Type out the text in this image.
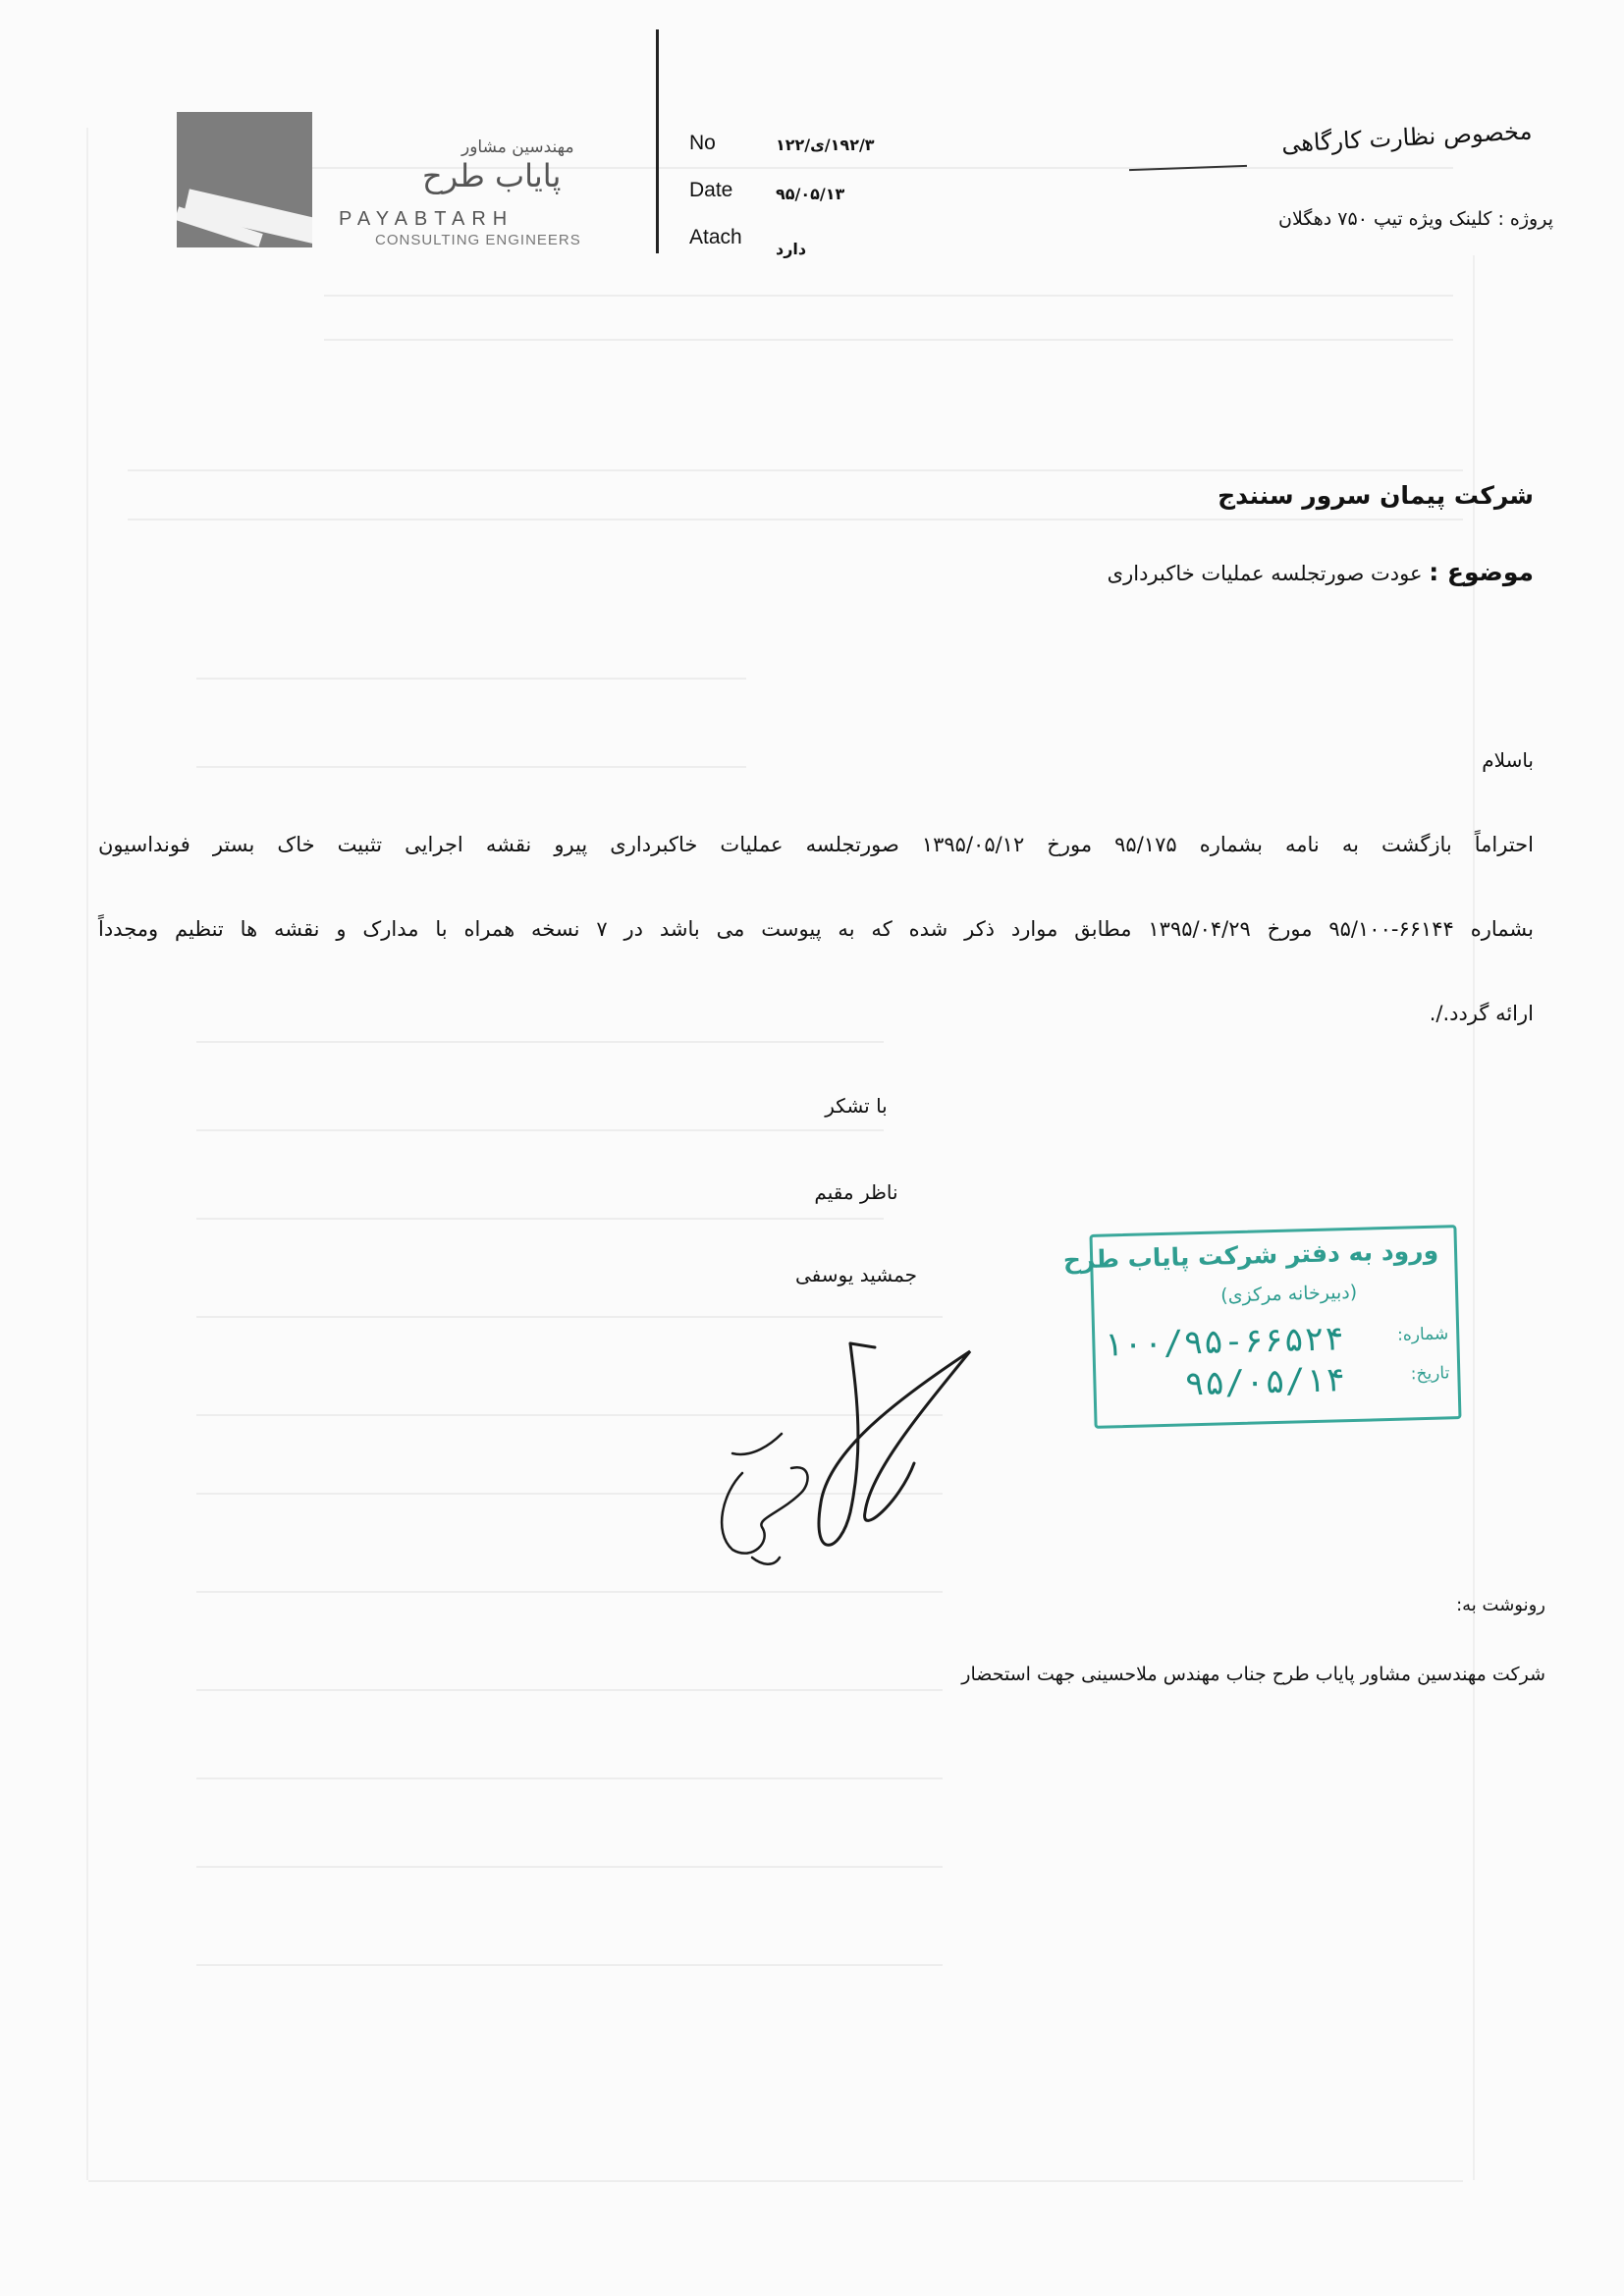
مهندسین مشاور
پایاب طرح
PAYABTARH
CONSULTING ENGINEERS
No	۱۹۲/۳/ی/۱۲۲
Date	۹۵/۰۵/۱۳
Atach
دارد
مخصوص نظارت کارگاهی
پروژه : کلینک ویژه تیپ ۷۵۰ دهگلان
شرکت پیمان سرور سنندج
موضوع : عودت صورتجلسه عملیات خاکبرداری
باسلام
احتراماً بازگشت به نامه بشماره ۹۵/۱۷۵ مورخ ۱۳۹۵/۰۵/۱۲ صورتجلسه عملیات خاکبرداری پیرو نقشه اجرایی تثبیت خاک بستر فونداسیون
بشماره ۶۶۱۴۴-۹۵/۱۰۰ مورخ ۱۳۹۵/۰۴/۲۹ مطابق موارد ذکر شده که به پیوست می باشد در ۷ نسخه همراه با مدارک و نقشه ها تنظیم ومجدداً
ارائه گردد./.
با تشکر
ناظر مقیم
جمشید یوسفی
ورود به دفتر شرکت پایاب طرح
(دبیرخانه مرکزی)
شماره:
۱۰۰/۹۵-۶۶۵۲۴
تاریخ:
۹۵/۰۵/۱۴
رونوشت به:
شرکت مهندسین مشاور پایاب طرح جناب مهندس ملاحسینی جهت استحضار
